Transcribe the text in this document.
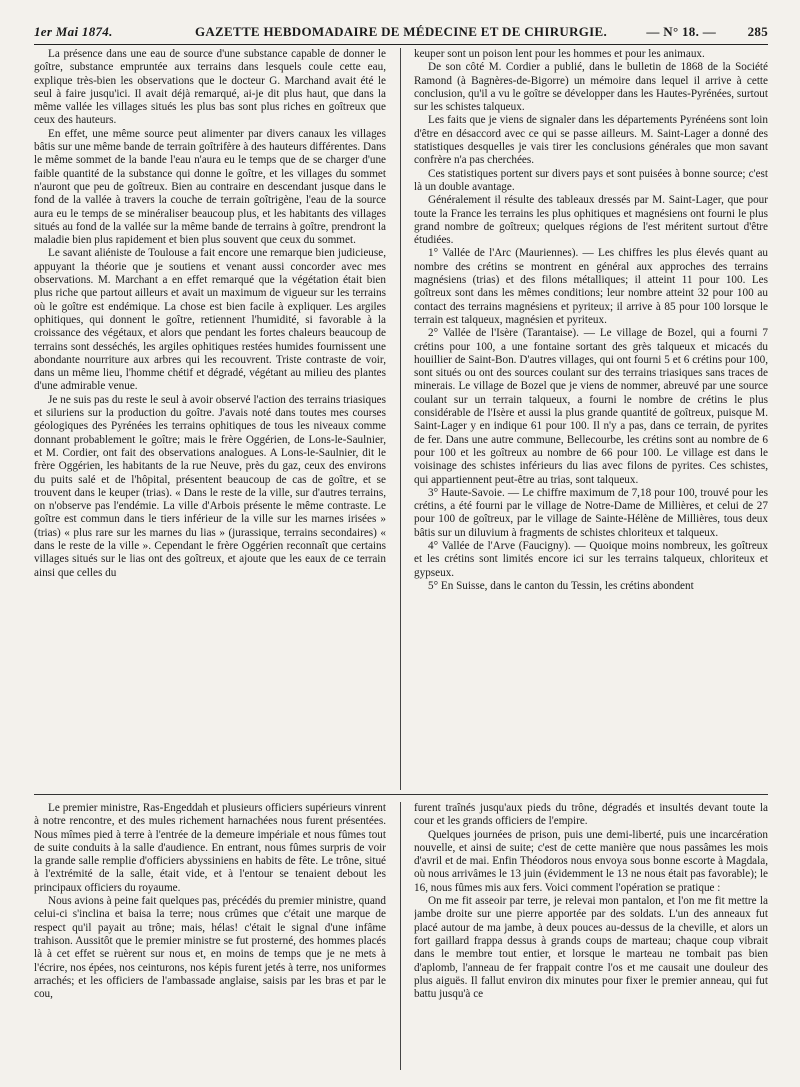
1er Mai 1874.	GAZETTE HEBDOMADAIRE DE MÉDECINE ET DE CHIRURGIE.	— N° 18. — 285

La présence dans une eau de source d'une substance capable de donner le goître, substance empruntée aux terrains dans lesquels coule cette eau, explique très-bien les observations que le docteur G. Marchand avait été le seul à faire jusqu'ici. Il avait déjà remarqué, ai-je dit plus haut, que dans la même vallée les villages situés les plus bas sont plus riches en goîtreux que ceux des hauteurs.

En effet, une même source peut alimenter par divers canaux les villages bâtis sur une même bande de terrain goîtrifère à des hauteurs différentes. Dans le même sommet de la bande l'eau n'aura eu le temps que de se charger d'une faible quantité de la substance qui donne le goître, et les villages du sommet n'auront que peu de goîtreux. Bien au contraire en descendant jusque dans le fond de la vallée à travers la couche de terrain goîtrigène, l'eau de la source aura eu le temps de se minéraliser beaucoup plus, et les habitants des villages situés au fond de la vallée sur la même bande de terrains à goître, prendront la maladie bien plus rapidement et bien plus souvent que ceux du sommet.

Le savant aliéniste de Toulouse a fait encore une remarque bien judicieuse, appuyant la théorie que je soutiens et venant aussi concorder avec mes observations. M. Marchant a en effet remarqué que la végétation était bien plus riche que partout ailleurs et avait un maximum de vigueur sur les terrains où le goître est endémique. La chose est bien facile à expliquer. Les argiles ophitiques, qui donnent le goître, retiennent l'humidité, si favorable à la croissance des végétaux, et alors que pendant les fortes chaleurs beaucoup de terrains sont desséchés, les argiles ophitiques restées humides fournissent une abondante nourriture aux arbres qui les recouvrent. Triste contraste de voir, dans un même lieu, l'homme chétif et dégradé, végétant au milieu des plantes d'une admirable venue.

Je ne suis pas du reste le seul à avoir observé l'action des terrains triasiques et siluriens sur la production du goître. J'avais noté dans toutes mes courses géologiques des Pyrénées les terrains ophitiques de tous les niveaux comme donnant probablement le goître; mais le frère Oggérien, de Lons-le-Saulnier, et M. Cordier, ont fait des observations analogues. A Lons-le-Saulnier, dit le frère Oggérien, les habitants de la rue Neuve, près du gaz, ceux des environs du puits salé et de l'hôpital, présentent beaucoup de cas de goître, et se trouvent dans le keuper (trias). « Dans le reste de la ville, sur d'autres terrains, on n'observe pas l'endémie. La ville d'Arbois présente le même contraste. Le goître est commun dans le tiers inférieur de la ville sur les marnes irisées » (trias) « plus rare sur les marnes du lias » (jurassique, terrains secondaires) « dans le reste de la ville ». Cependant le frère Oggérien reconnaît que certains villages situés sur le lias ont des goîtreux, et ajoute que les eaux de ce terrain ainsi que celles du

keuper sont un poison lent pour les hommes et pour les animaux.

De son côté M. Cordier a publié, dans le bulletin de 1868 de la Société Ramond (à Bagnères-de-Bigorre) un mémoire dans lequel il arrive à cette conclusion, qu'il a vu le goître se développer dans les Hautes-Pyrénées, surtout sur les schistes talqueux.

Les faits que je viens de signaler dans les départements Pyrénéens sont loin d'être en désaccord avec ce qui se passe ailleurs. M. Saint-Lager a donné des statistiques desquelles je vais tirer les conclusions générales que mon savant confrère n'a pas cherchées.

Ces statistiques portent sur divers pays et sont puisées à bonne source; c'est là un double avantage.

Généralement il résulte des tableaux dressés par M. Saint-Lager, que pour toute la France les terrains les plus ophitiques et magnésiens ont fourni le plus grand nombre de goîtreux; quelques régions de l'est méritent surtout d'être étudiées.

1° Vallée de l'Arc (Mauriennes). — Les chiffres les plus élevés quant au nombre des crétins se montrent en général aux approches des terrains magnésiens (trias) et des filons métalliques; il atteint 11 pour 100. Les goîtreux sont dans les mêmes conditions; leur nombre atteint 32 pour 100 au contact des terrains magnésiens et pyriteux; il arrive à 85 pour 100 lorsque le terrain est talqueux, magnésien et pyriteux.

2° Vallée de l'Isère (Tarantaise). — Le village de Bozel, qui a fourni 7 crétins pour 100, a une fontaine sortant des grès talqueux et micacés du houillier de Saint-Bon. D'autres villages, qui ont fourni 5 et 6 crétins pour 100, sont situés ou ont des sources coulant sur des terrains triasiques sans traces de minerais. Le village de Bozel que je viens de nommer, abreuvé par une source coulant sur un terrain talqueux, a fourni le nombre de crétins le plus considérable de l'Isère et aussi la plus grande quantité de goîtreux, puisque M. Saint-Lager y en indique 61 pour 100. Il n'y a pas, dans ce terrain, de pyrites de fer. Dans une autre commune, Bellecourbe, les crétins sont au nombre de 6 pour 100 et les goîtreux au nombre de 66 pour 100. Le village est dans le voisinage des schistes inférieurs du lias avec filons de pyrites. Ces schistes, qui appartiennent peut-être au trias, sont talqueux.

3° Haute-Savoie. — Le chiffre maximum de 7,18 pour 100, trouvé pour les crétins, a été fourni par le village de Notre-Dame de Millières, et celui de 27 pour 100 de goîtreux, par le village de Sainte-Hélène de Millières, tous deux bâtis sur un diluvium à fragments de schistes chloriteux et talqueux.

4° Vallée de l'Arve (Faucigny). — Quoique moins nombreux, les goîtreux et les crétins sont limités encore ici sur les terrains talqueux, chloriteux et gypseux.

5° En Suisse, dans le canton du Tessin, les crétins abondent

Le premier ministre, Ras-Engeddah et plusieurs officiers supérieurs vinrent à notre rencontre, et des mules richement harnachées nous furent présentées. Nous mîmes pied à terre à l'entrée de la demeure impériale et nous fûmes tout de suite conduits à la salle d'audience. En entrant, nous fûmes surpris de voir la grande salle remplie d'officiers abyssiniens en habits de fête. Le trône, situé à l'extrémité de la salle, était vide, et à l'entour se tenaient debout les principaux officiers du royaume.

Nous avions à peine fait quelques pas, précédés du premier ministre, quand celui-ci s'inclina et baisa la terre; nous crûmes que c'était une marque de respect qu'il payait au trône; mais, hélas! c'était le signal d'une infâme trahison. Aussitôt que le premier ministre se fut prosterné, des hommes placés là à cet effet se ruèrent sur nous et, en moins de temps que je ne mets à l'écrire, nos épées, nos ceinturons, nos képis furent jetés à terre, nos uniformes arrachés; et les officiers de l'ambassade anglaise, saisis par les bras et par le cou,

furent traînés jusqu'aux pieds du trône, dégradés et insultés devant toute la cour et les grands officiers de l'empire.

Quelques journées de prison, puis une demi-liberté, puis une incarcération nouvelle, et ainsi de suite; c'est de cette manière que nous passâmes les mois d'avril et de mai. Enfin Théodoros nous envoya sous bonne escorte à Magdala, où nous arrivâmes le 13 juin (évidemment le 13 ne nous était pas favorable); le 16, nous fûmes mis aux fers. Voici comment l'opération se pratique :

On me fit asseoir par terre, je relevai mon pantalon, et l'on me fit mettre la jambe droite sur une pierre apportée par des soldats. L'un des anneaux fut placé autour de ma jambe, à deux pouces au-dessus de la cheville, et alors un fort gaillard frappa dessus à grands coups de marteau; chaque coup vibrait dans le membre tout entier, et lorsque le marteau ne tombait pas bien d'aplomb, l'anneau de fer frappait contre l'os et me causait une douleur des plus aiguës. Il fallut environ dix minutes pour fixer le premier anneau, qui fut battu jusqu'à ce
